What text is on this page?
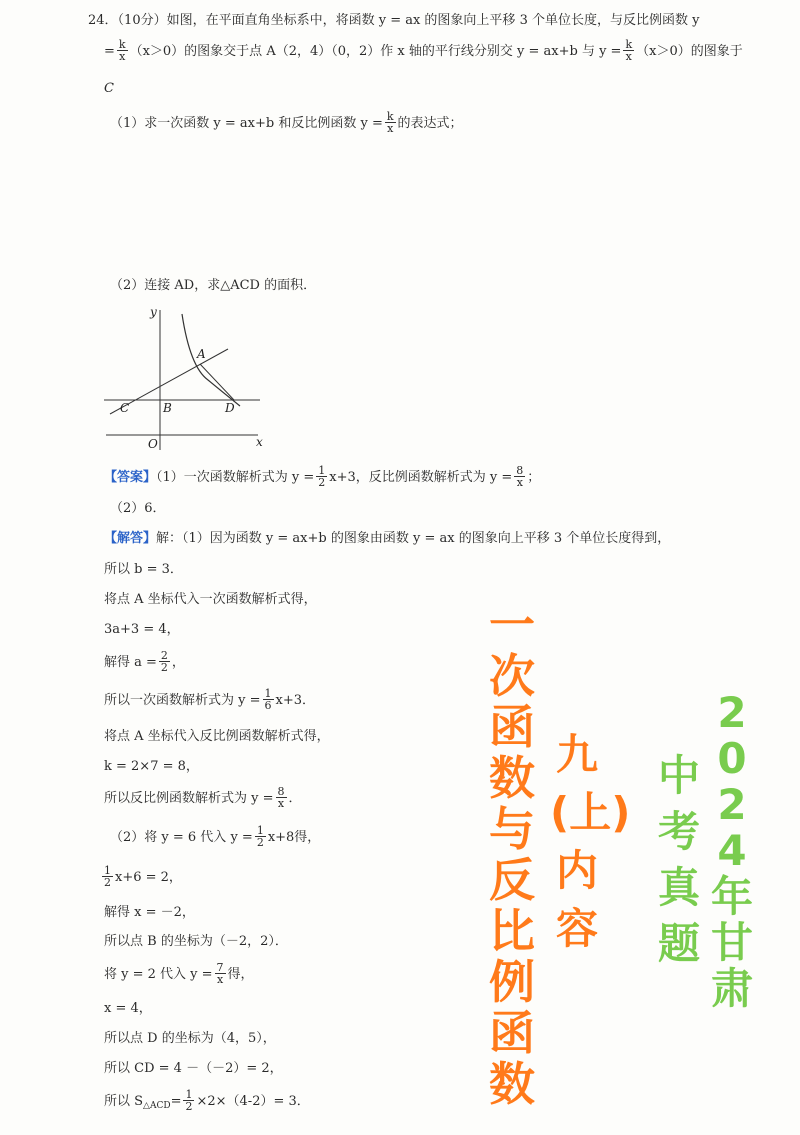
24．（10分）如图，在平面直角坐标系中，将函数 y = ax 的图象向上平移 3 个单位长度，与反比例函数 y
= $\frac{k}{x} (x>0)$的图象交于点 A（2，4）（0，2）作 x 轴的平行线分别交 y = ax+b 与 $y = \frac{k}{x} (x>0)$的图象于
C
（1）求一次函数 y = ax+b 和反比例函数 $y = \frac{k}{x}$ 的表达式；
（2）连接 AD，求△ACD 的面积．
y
x
O
A
B
C	D
【答案】（1）一次函数解析式为 $y = \frac{1}{2} x+3$，反比例函数解析式为 $y = \frac{8}{x}$ ；
（2）6．
【解答】解：（1）因为函数 y = ax+b 的图象由函数 y = ax 的图象向上平移 3 个单位长度得到，
所以 b = 3．
将点 A 坐标代入一次函数解析式得，
3a+3 = 4，
解得 $a = \frac{2}{2}$ ，
所以一次函数解析式为 $y = \frac{1}{6} x+3$．
将点 A 坐标代入反比例函数解析式得，
k = 2×7 = 8，
所以反比例函数解析式为 $y = \frac{8}{x}$ ．
（2）将 y = 6 代入 $y = \frac{1}{2} x+8$得，
$\frac{1}{2} x+6 = 2$，
解得 x = －2，
所以点 B 的坐标为（－2，2）．
将 y = 2 代入 $y = \frac{7}{x}$ 得，
x = 4，
所以点 D 的坐标为（4，5），
所以 CD = 4 －（－2）= 2，
所以 $S_{\triangle ACD}= \frac{1}{2} \times 2\times(4-2)= 3$．
一
次
函
数
与
反
比
例
函
数
九
(上)
内
容
中
考
真
题
2
0
2
4
年
甘
肃
